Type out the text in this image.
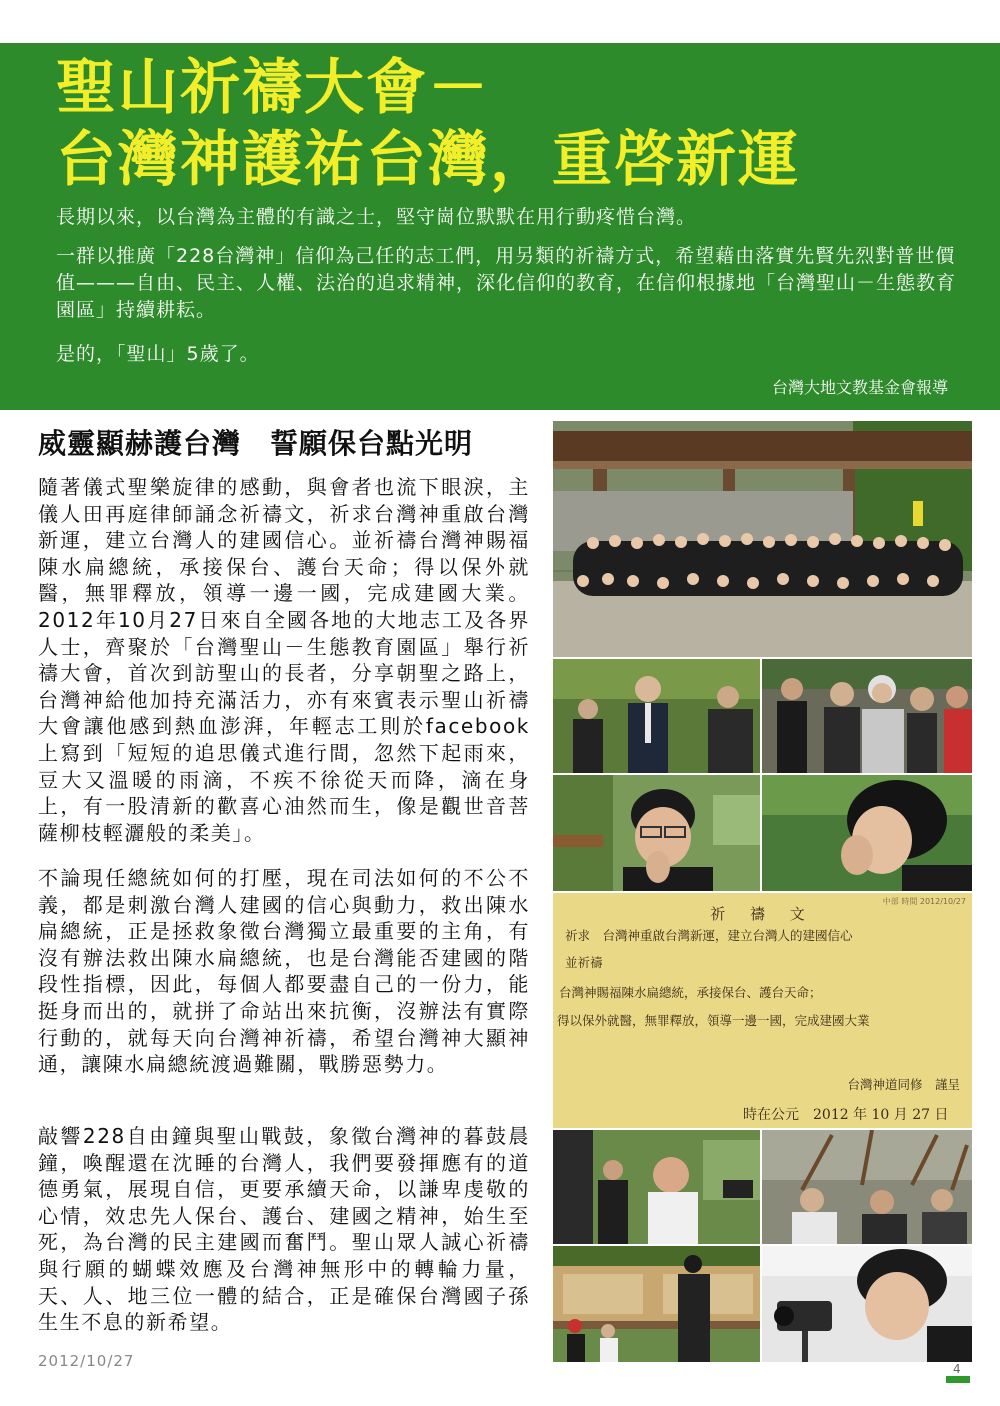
聖山祈禱大會－
台灣神護祐台灣，重啓新運
長期以來，以台灣為主體的有識之士，堅守崗位默默在用行動疼惜台灣。
一群以推廣「228台灣神」信仰為己任的志工們，用另類的祈禱方式，希望藉由落實先賢先烈對普世價值———自由、民主、人權、法治的追求精神，深化信仰的教育，在信仰根據地「台灣聖山－生態教育園區」持續耕耘。
是的，「聖山」5歲了。
台灣大地文教基金會報導
威靈顯赫護台灣　誓願保台點光明
隨著儀式聖樂旋律的感動，與會者也流下眼淚，主儀人田再庭律師誦念祈禱文，祈求台灣神重啟台灣新運，建立台灣人的建國信心。並祈禱台灣神賜福陳水扁總統，承接保台、護台天命；得以保外就醫，無罪釋放，領導一邊一國，完成建國大業。2012年10月27日來自全國各地的大地志工及各界人士，齊聚於「台灣聖山－生態教育園區」舉行祈禱大會，首次到訪聖山的長者，分享朝聖之路上，台灣神給他加持充滿活力，亦有來賓表示聖山祈禱大會讓他感到熱血澎湃，年輕志工則於facebook上寫到「短短的追思儀式進行間，忽然下起雨來，豆大又溫暖的雨滴，不疾不徐從天而降，滴在身上，有一股清新的歡喜心油然而生，像是觀世音菩薩柳枝輕灑般的柔美」。
不論現任總統如何的打壓，現在司法如何的不公不義，都是刺激台灣人建國的信心與動力，救出陳水扁總統，正是拯救象徵台灣獨立最重要的主角，有沒有辦法救出陳水扁總統，也是台灣能否建國的階段性指標，因此，每個人都要盡自己的一份力，能挺身而出的，就拼了命站出來抗衡，沒辦法有實際行動的，就每天向台灣神祈禱，希望台灣神大顯神通，讓陳水扁總統渡過難關，戰勝惡勢力。
敲響228自由鐘與聖山戰鼓，象徵台灣神的暮鼓晨鐘，喚醒還在沈睡的台灣人，我們要發揮應有的道德勇氣，展現自信，更要承續天命，以謙卑虔敬的心情，效忠先人保台、護台、建國之精神，始生至死，為台灣的民主建國而奮鬥。聖山眾人誠心祈禱與行願的蝴蝶效應及台灣神無形中的轉輪力量，天、人、地三位一體的結合，正是確保台灣國子孫生生不息的新希望。
中部 時間 2012/10/27
祈 禱 文
祈求　台灣神重啟台灣新運，建立台灣人的建國信心
並祈禱
台灣神賜福陳水扁總統，承接保台、護台天命；
得以保外就醫，無罪釋放，領導一邊一國，完成建國大業
台灣神道同修　謹呈
時在公元　2012 年 10 月 27 日
2012/10/27	4
